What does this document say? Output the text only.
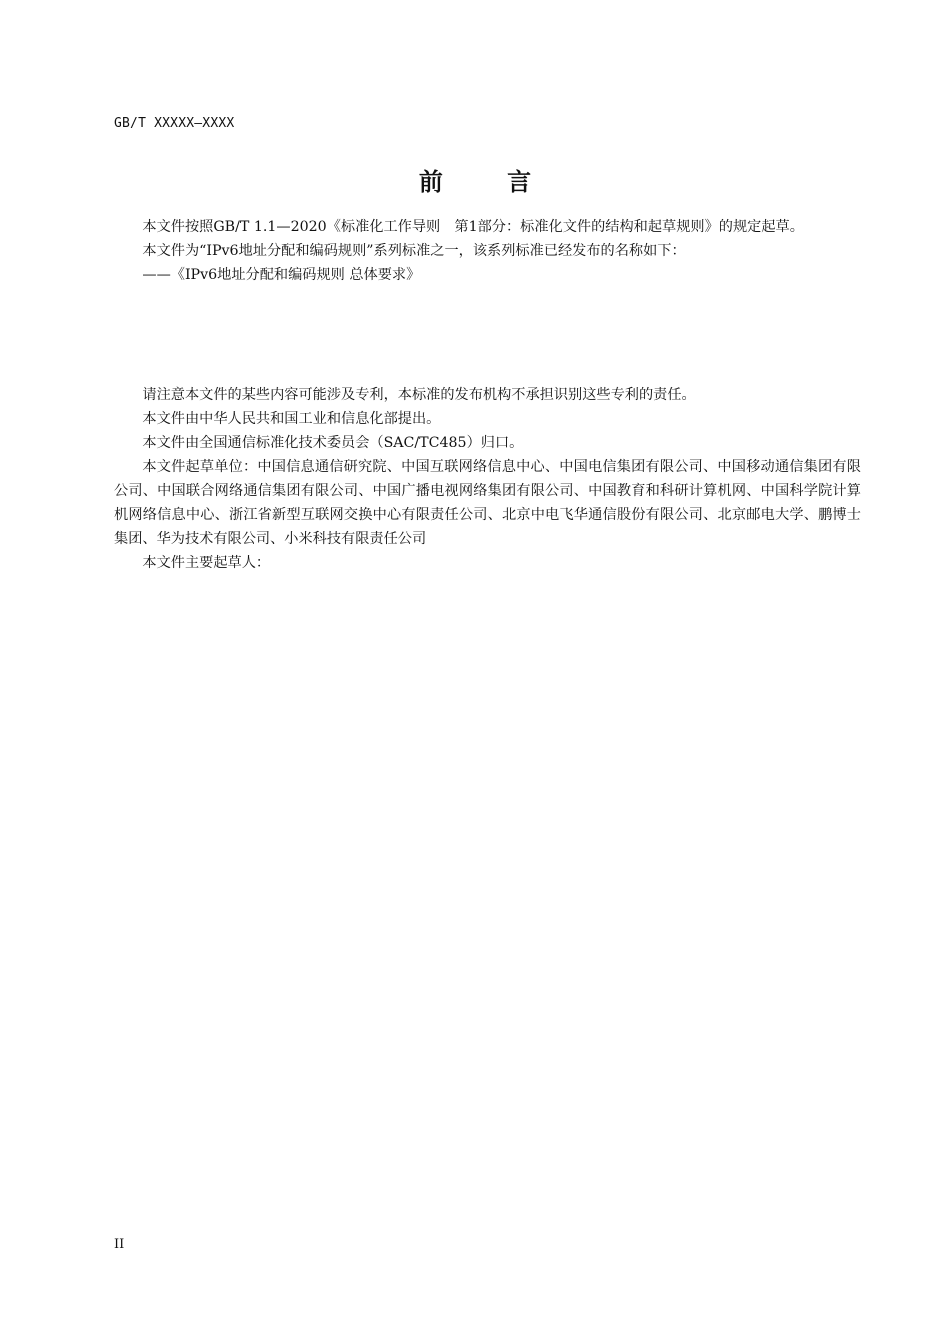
GB/T XXXXX—XXXX
前 言

本文件按照GB/T 1.1—2020《标准化工作导则　第1部分：标准化文件的结构和起草规则》的规定起草。

本文件为“IPv6地址分配和编码规则”系列标准之一，该系列标准已经发布的名称如下：

——《IPv6地址分配和编码规则 总体要求》

请注意本文件的某些内容可能涉及专利，本标准的发布机构不承担识别这些专利的责任。

本文件由中华人民共和国工业和信息化部提出。

本文件由全国通信标准化技术委员会（SAC/TC485）归口。

本文件起草单位：中国信息通信研究院、中国互联网络信息中心、中国电信集团有限公司、中国移动通信集团有限公司、中国联合网络通信集团有限公司、中国广播电视网络集团有限公司、中国教育和科研计算机网、中国科学院计算机网络信息中心、浙江省新型互联网交换中心有限责任公司、北京中电飞华通信股份有限公司、北京邮电大学、鹏博士集团、华为技术有限公司、小米科技有限责任公司

本文件主要起草人：

II
